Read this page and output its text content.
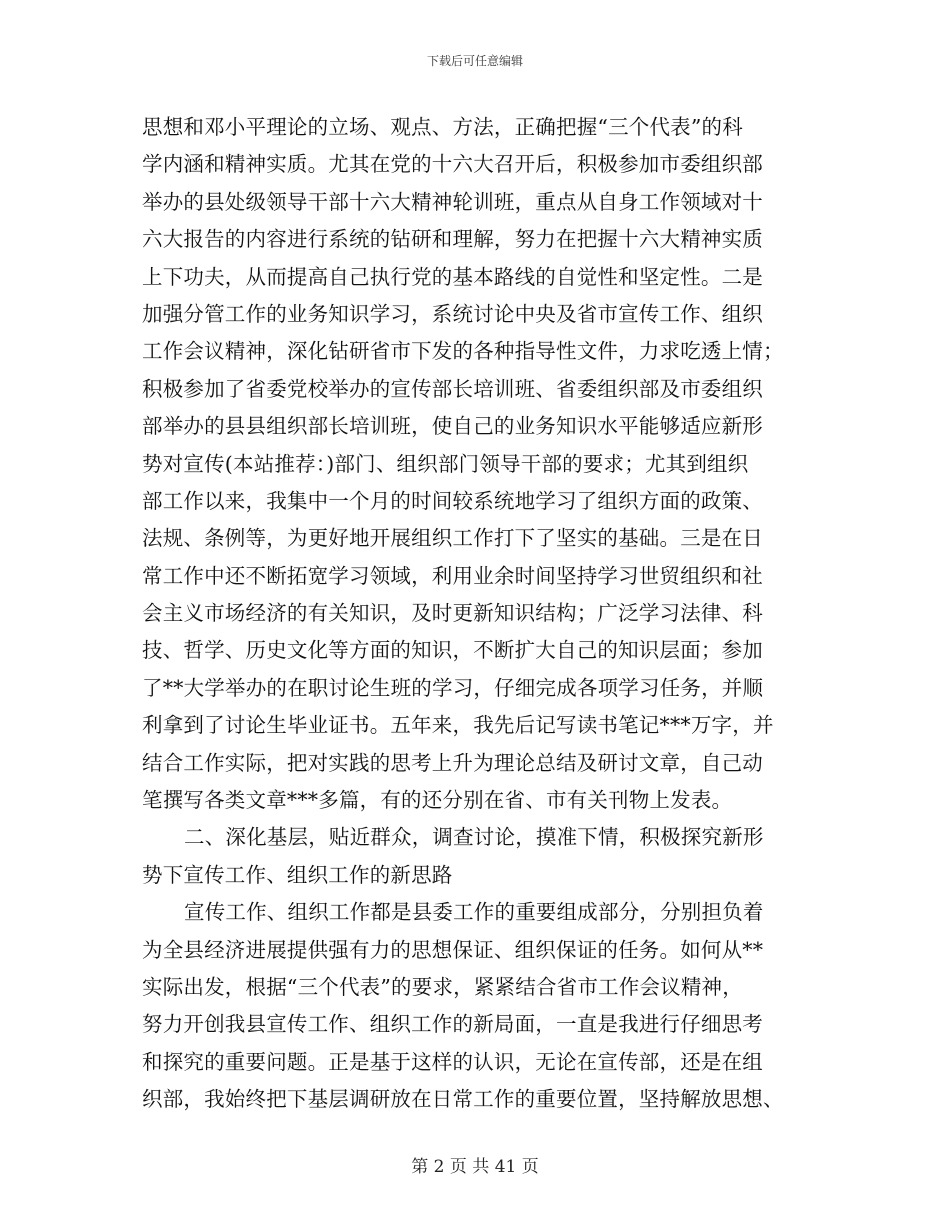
下载后可任意编辑
思想和邓小平理论的立场、观点、方法，正确把握“三个代表”的科
学内涵和精神实质。尤其在党的十六大召开后，积极参加市委组织部
举办的县处级领导干部十六大精神轮训班，重点从自身工作领域对十
六大报告的内容进行系统的钻研和理解，努力在把握十六大精神实质
上下功夫，从而提高自己执行党的基本路线的自觉性和坚定性。二是
加强分管工作的业务知识学习，系统讨论中央及省市宣传工作、组织
工作会议精神，深化钻研省市下发的各种指导性文件，力求吃透上情；
积极参加了省委党校举办的宣传部长培训班、省委组织部及市委组织
部举办的县县组织部长培训班，使自己的业务知识水平能够适应新形
势对宣传(本站推荐：)部门、组织部门领导干部的要求；尤其到组织
部工作以来，我集中一个月的时间较系统地学习了组织方面的政策、
法规、条例等，为更好地开展组织工作打下了坚实的基础。三是在日
常工作中还不断拓宽学习领域，利用业余时间坚持学习世贸组织和社
会主义市场经济的有关知识，及时更新知识结构；广泛学习法律、科
技、哲学、历史文化等方面的知识，不断扩大自己的知识层面；参加
了**大学举办的在职讨论生班的学习，仔细完成各项学习任务，并顺
利拿到了讨论生毕业证书。五年来，我先后记写读书笔记***万字，并
结合工作实际，把对实践的思考上升为理论总结及研讨文章，自己动
笔撰写各类文章***多篇，有的还分别在省、市有关刊物上发表。
二、深化基层，贴近群众，调查讨论，摸准下情，积极探究新形
势下宣传工作、组织工作的新思路
宣传工作、组织工作都是县委工作的重要组成部分，分别担负着
为全县经济进展提供强有力的思想保证、组织保证的任务。如何从**
实际出发，根据“三个代表”的要求，紧紧结合省市工作会议精神，
努力开创我县宣传工作、组织工作的新局面，一直是我进行仔细思考
和探究的重要问题。正是基于这样的认识，无论在宣传部，还是在组
织部，我始终把下基层调研放在日常工作的重要位置，坚持解放思想、
第 2 页 共 41 页
